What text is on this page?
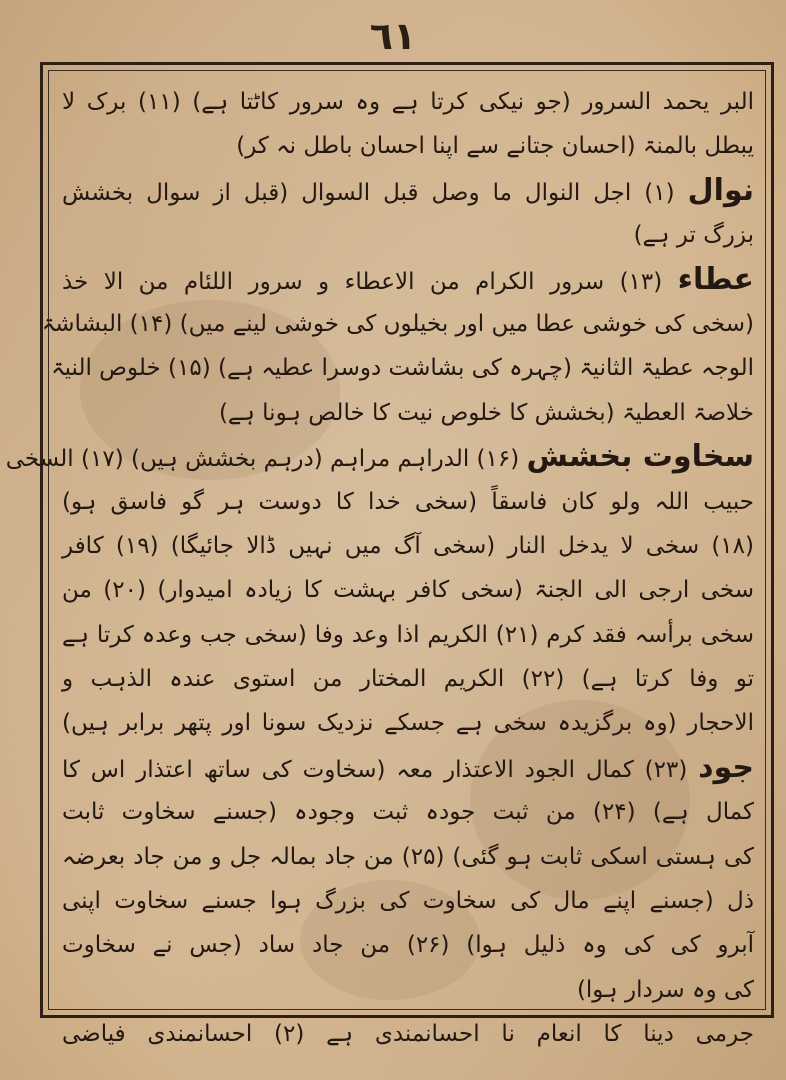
٦١
البر يحمد السرور (جو نیکی کرتا ہے وہ سرور کاٹتا ہے) (۱۱) برک لا
یبطل بالمنۃ (احسان جتانے سے اپنا احسان باطل نہ کر)
نوال (۱) اجل النوال ما وصل قبل السوال (قبل از سوال بخشش
بزرگ تر ہے)
عطاء (۱۳) سرور الکرام من الاعطاء و سرور اللئام من الا خذ
(سخی کی خوشی عطا میں اور بخیلوں کی خوشی لینے میں) (۱۴) البشاشۃ
الوجہ عطیۃ الثانیۃ (چہرہ کی بشاشت دوسرا عطیہ ہے) (۱۵) خلوص النیۃ
خلاصۃ العطیۃ (بخشش کا خلوص نیت کا خالص ہونا ہے)
سخاوت بخشش (۱۶) الدراہم مراہم (درہم بخشش ہیں) (۱۷) السخی
حبیب اللہ ولو کان فاسقاً (سخی خدا کا دوست ہر گو فاسق ہو)
(۱۸) سخی لا یدخل النار (سخی آگ میں نہیں ڈالا جائیگا) (۱۹) کافر
سخی ارجی الی الجنۃ (سخی کافر بہشت کا زیادہ امیدوار) (۲۰) من
سخی برأسہ فقد کرم (۲۱) الکریم اذا وعد وفا (سخی جب وعدہ کرتا ہے
تو وفا کرتا ہے) (۲۲) الکریم المختار من استوی عندہ الذہب و
الاحجار (وہ برگزیدہ سخی ہے جسکے نزدیک سونا اور پتھر برابر ہیں)
جود (۲۳) کمال الجود الاعتذار معہ (سخاوت کی ساتھ اعتذار اس کا
کمال ہے) (۲۴) من ثبت جودہ ثبت وجودہ (جسنے سخاوت ثابت
کی ہستی اسکی ثابت ہو گئی) (۲۵) من جاد بمالہ جل و من جاد بعرضہ
ذل (جسنے اپنے مال کی سخاوت کی بزرگ ہوا جسنے سخاوت اپنی
آبرو کی کی وہ ذلیل ہوا) (۲۶) من جاد ساد (جس نے سخاوت
کی وہ سردار ہوا)
جرمی دینا کا انعام نا احسانمندی ہے (۲) احسانمندی فیاضی
